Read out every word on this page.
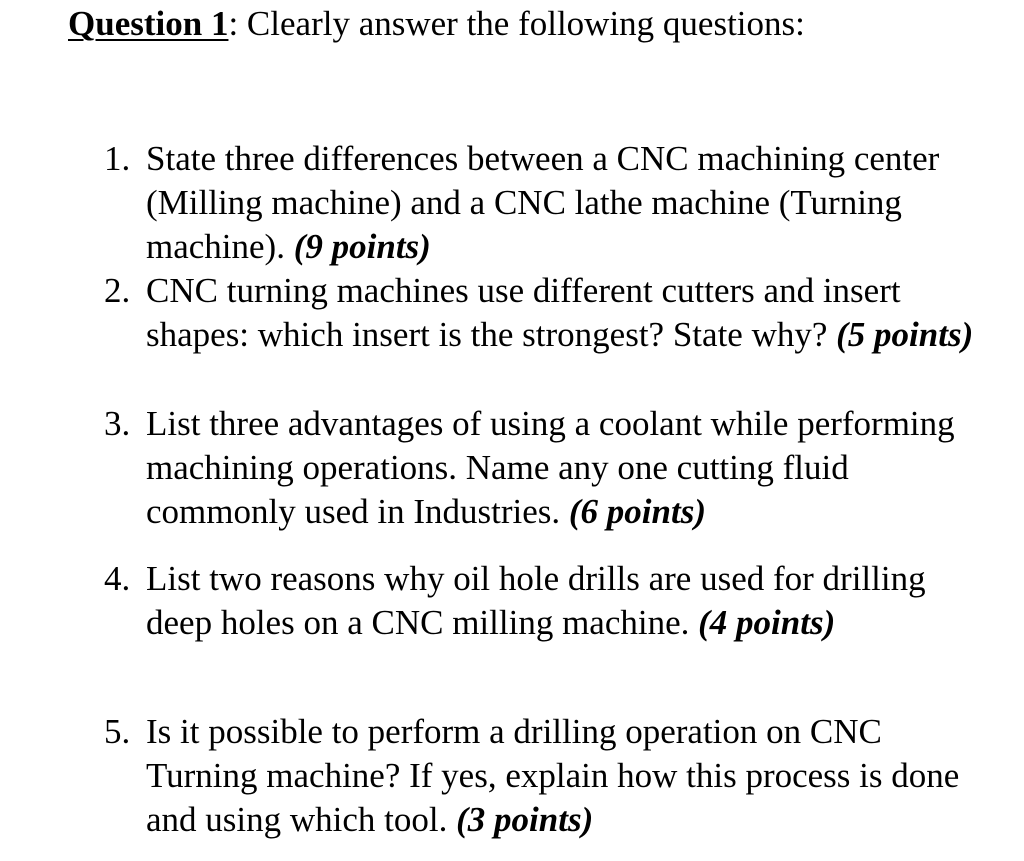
Question 1: Clearly answer the following questions:
1. State three differences between a CNC machining center (Milling machine) and a CNC lathe machine (Turning machine). (9 points)
2. CNC turning machines use different cutters and insert shapes: which insert is the strongest? State why? (5 points)
3. List three advantages of using a coolant while performing machining operations. Name any one cutting fluid commonly used in Industries. (6 points)
4. List two reasons why oil hole drills are used for drilling deep holes on a CNC milling machine. (4 points)
5. Is it possible to perform a drilling operation on CNC Turning machine? If yes, explain how this process is done and using which tool. (3 points)
